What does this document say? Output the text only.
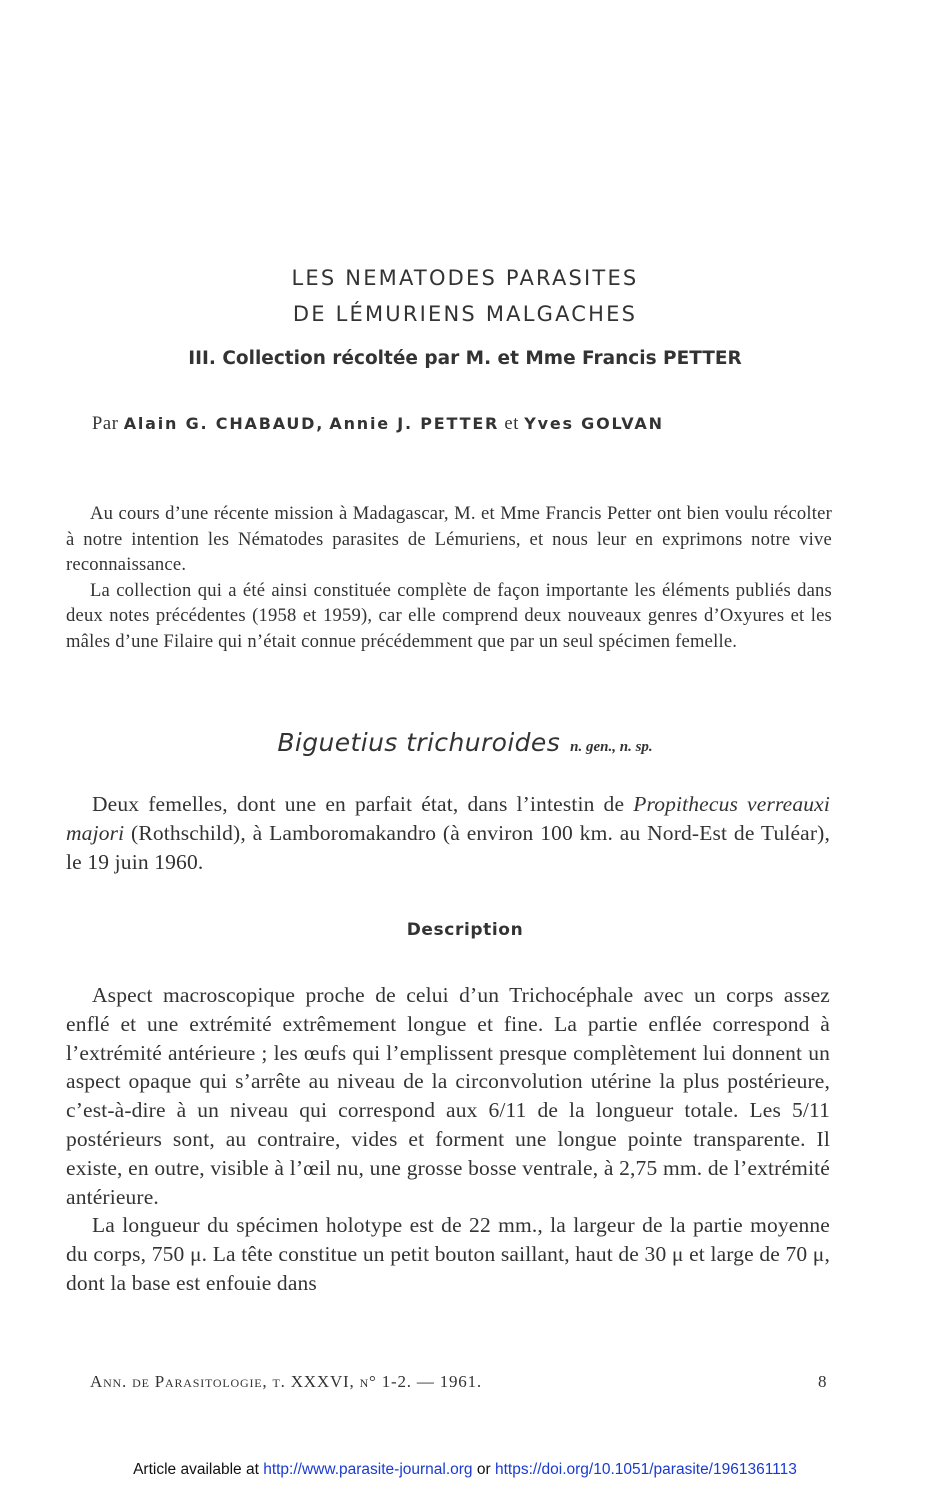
LES NEMATODES PARASITES
DE LÉMURIENS MALGACHES
III. Collection récoltée par M. et Mme Francis PETTER
Par Alain G. CHABAUD, Annie J. PETTER et Yves GOLVAN

Au cours d’une récente mission à Madagascar, M. et Mme Francis Petter ont bien voulu récolter à notre intention les Nématodes parasites de Lémuriens, et nous leur en exprimons notre vive reconnaissance.

La collection qui a été ainsi constituée complète de façon importante les éléments publiés dans deux notes précédentes (1958 et 1959), car elle comprend deux nouveaux genres d’Oxyures et les mâles d’une Filaire qui n’était connue précédemment que par un seul spécimen femelle.

Biguetius trichuroides n. gen., n. sp.

Deux femelles, dont une en parfait état, dans l’intestin de Propithecus verreauxi majori (Rothschild), à Lamboromakandro (à environ 100 km. au Nord-Est de Tuléar), le 19 juin 1960.

Description

Aspect macroscopique proche de celui d’un Trichocéphale avec un corps assez enflé et une extrémité extrêmement longue et fine. La partie enflée correspond à l’extrémité antérieure ; les œufs qui l’emplissent presque complètement lui donnent un aspect opaque qui s’arrête au niveau de la circonvolution utérine la plus postérieure, c’est-à-dire à un niveau qui correspond aux 6/11 de la longueur totale. Les 5/11 postérieurs sont, au contraire, vides et forment une longue pointe transparente. Il existe, en outre, visible à l’œil nu, une grosse bosse ventrale, à 2,75 mm. de l’extrémité antérieure.

La longueur du spécimen holotype est de 22 mm., la largeur de la partie moyenne du corps, 750 μ. La tête constitue un petit bouton saillant, haut de 30 μ et large de 70 μ, dont la base est enfouie dans

Ann. de Parasitologie, t. XXXVI, n° 1-2. — 1961.	8
Article available at http://www.parasite-journal.org or https://doi.org/10.1051/parasite/1961361113
